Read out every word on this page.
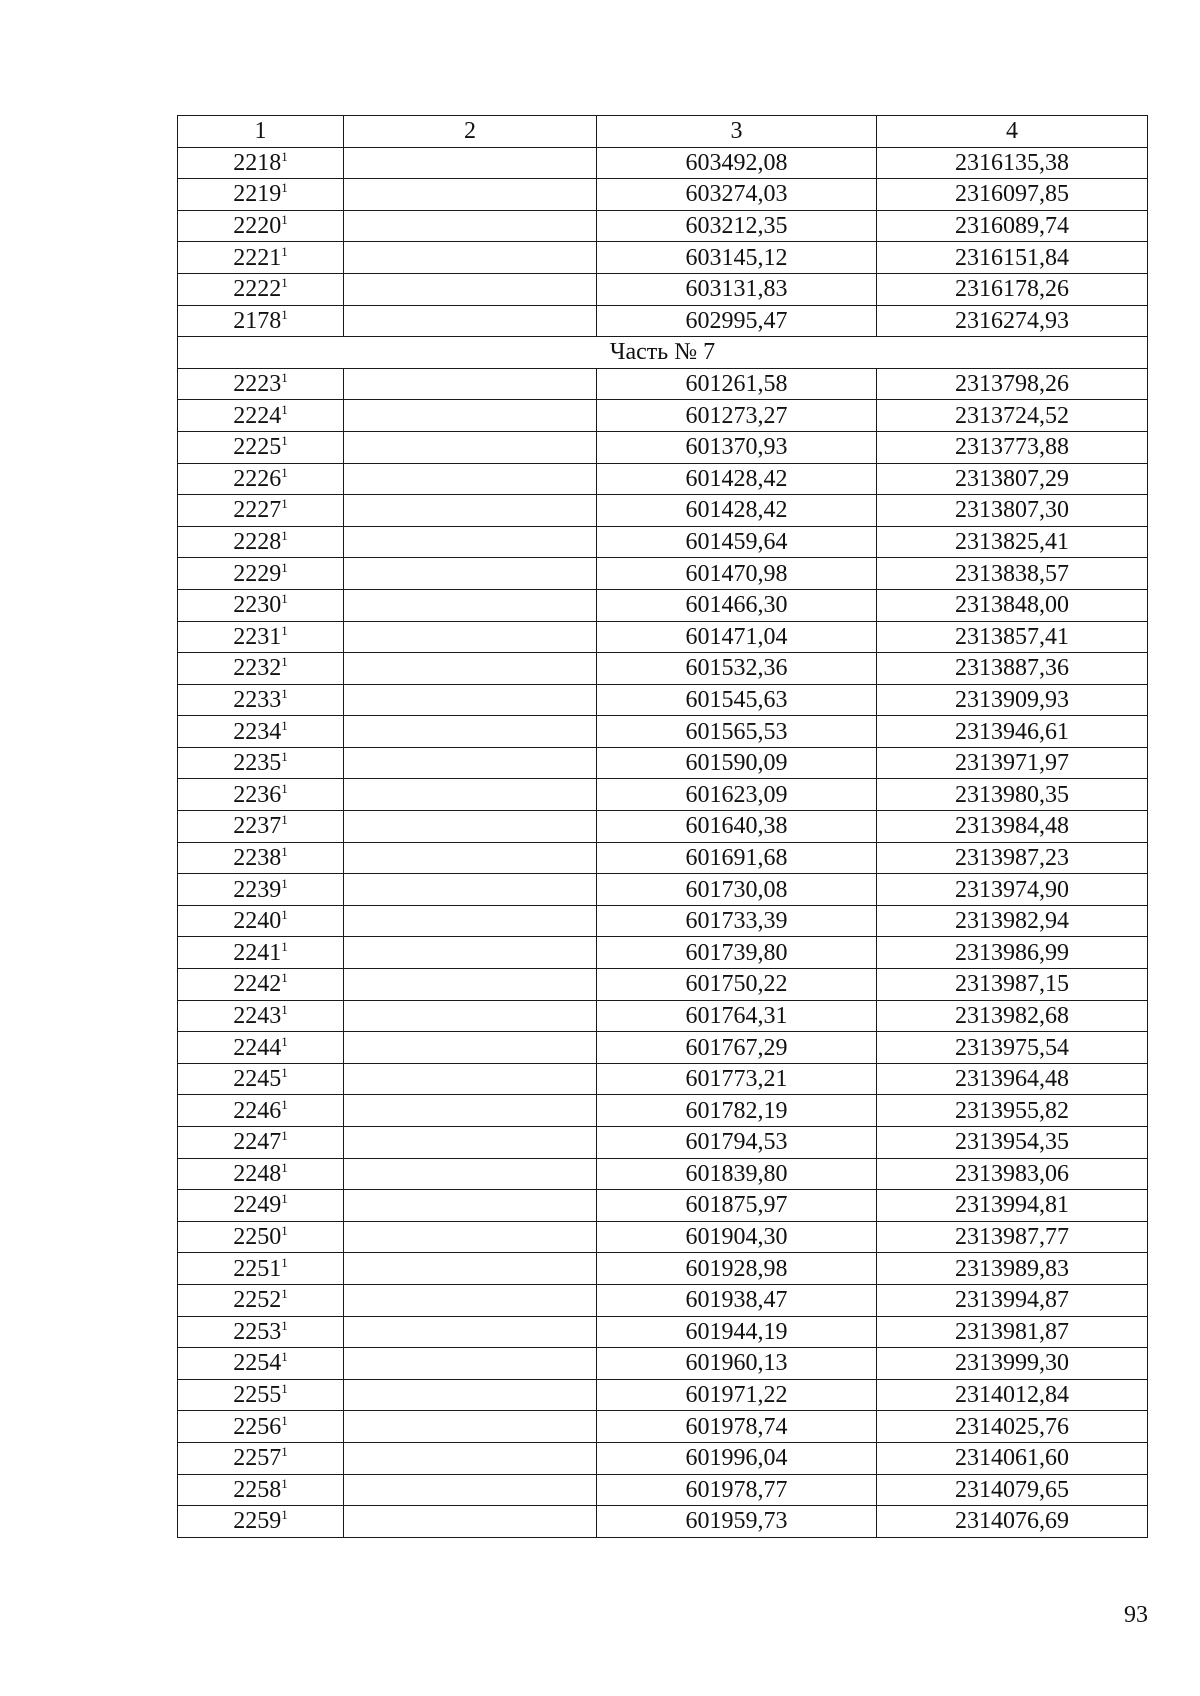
1	2	3	4
2218$^1$		603492,08	2316135,38
2219$^1$		603274,03	2316097,85
2220$^1$		603212,35	2316089,74
2221$^1$		603145,12	2316151,84
2222$^1$		603131,83	2316178,26
2178$^1$		602995,47	2316274,93
Часть № 7			
2223$^1$		601261,58	2313798,26
2224$^1$		601273,27	2313724,52
2225$^1$		601370,93	2313773,88
2226$^1$		601428,42	2313807,29
2227$^1$		601428,42	2313807,30
2228$^1$		601459,64	2313825,41
2229$^1$		601470,98	2313838,57
2230$^1$		601466,30	2313848,00
2231$^1$		601471,04	2313857,41
2232$^1$		601532,36	2313887,36
2233$^1$		601545,63	2313909,93
2234$^1$		601565,53	2313946,61
2235$^1$		601590,09	2313971,97
2236$^1$		601623,09	2313980,35
2237$^1$		601640,38	2313984,48
2238$^1$		601691,68	2313987,23
2239$^1$		601730,08	2313974,90
2240$^1$		601733,39	2313982,94
2241$^1$		601739,80	2313986,99
2242$^1$		601750,22	2313987,15
2243$^1$		601764,31	2313982,68
2244$^1$		601767,29	2313975,54
2245$^1$		601773,21	2313964,48
2246$^1$		601782,19	2313955,82
2247$^1$		601794,53	2313954,35
2248$^1$		601839,80	2313983,06
2249$^1$		601875,97	2313994,81
2250$^1$		601904,30	2313987,77
2251$^1$		601928,98	2313989,83
2252$^1$		601938,47	2313994,87
2253$^1$		601944,19	2313981,87
2254$^1$		601960,13	2313999,30
2255$^1$		601971,22	2314012,84
2256$^1$		601978,74	2314025,76
2257$^1$		601996,04	2314061,60
2258$^1$		601978,77	2314079,65
2259$^1$		601959,73	2314076,69
93
